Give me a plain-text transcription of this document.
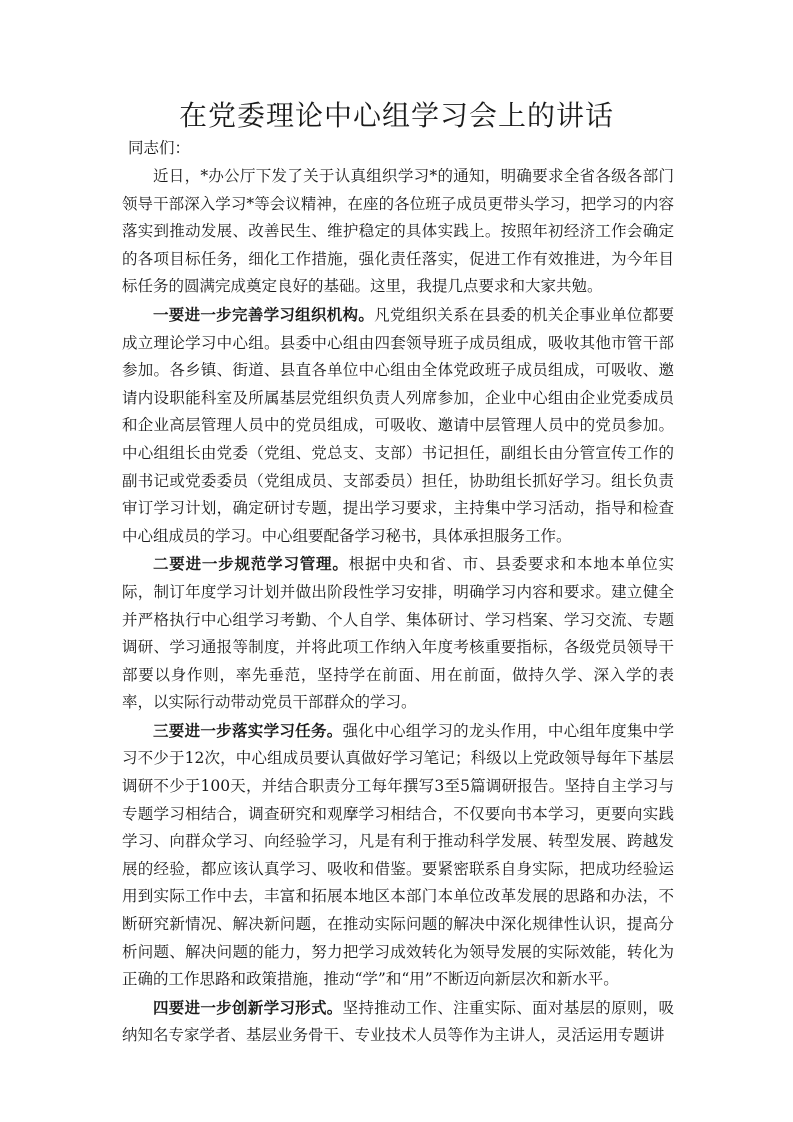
在党委理论中心组学习会上的讲话

同志们：

近日，*办公厅下发了关于认真组织学习*的通知，明确要求全省各级各部门领导干部深入学习*等会议精神，在座的各位班子成员更带头学习，把学习的内容落实到推动发展、改善民生、维护稳定的具体实践上。按照年初经济工作会确定的各项目标任务，细化工作措施，强化责任落实，促进工作有效推进，为今年目标任务的圆满完成奠定良好的基础。这里，我提几点要求和大家共勉。

一要进一步完善学习组织机构。凡党组织关系在县委的机关企事业单位都要成立理论学习中心组。县委中心组由四套领导班子成员组成，吸收其他市管干部参加。各乡镇、街道、县直各单位中心组由全体党政班子成员组成，可吸收、邀请内设职能科室及所属基层党组织负责人列席参加，企业中心组由企业党委成员和企业高层管理人员中的党员组成，可吸收、邀请中层管理人员中的党员参加。中心组组长由党委（党组、党总支、支部）书记担任，副组长由分管宣传工作的副书记或党委委员（党组成员、支部委员）担任，协助组长抓好学习。组长负责审订学习计划，确定研讨专题，提出学习要求，主持集中学习活动，指导和检查中心组成员的学习。中心组要配备学习秘书，具体承担服务工作。

二要进一步规范学习管理。根据中央和省、市、县委要求和本地本单位实际，制订年度学习计划并做出阶段性学习安排，明确学习内容和要求。建立健全并严格执行中心组学习考勤、个人自学、集体研讨、学习档案、学习交流、专题调研、学习通报等制度，并将此项工作纳入年度考核重要指标，各级党员领导干部要以身作则，率先垂范，坚持学在前面、用在前面，做持久学、深入学的表率，以实际行动带动党员干部群众的学习。

三要进一步落实学习任务。强化中心组学习的龙头作用，中心组年度集中学习不少于12次，中心组成员要认真做好学习笔记；科级以上党政领导每年下基层调研不少于100天，并结合职责分工每年撰写3至5篇调研报告。坚持自主学习与专题学习相结合，调查研究和观摩学习相结合，不仅要向书本学习，更要向实践学习、向群众学习、向经验学习，凡是有利于推动科学发展、转型发展、跨越发展的经验，都应该认真学习、吸收和借鉴。要紧密联系自身实际，把成功经验运用到实际工作中去，丰富和拓展本地区本部门本单位改革发展的思路和办法，不断研究新情况、解决新问题，在推动实际问题的解决中深化规律性认识，提高分析问题、解决问题的能力，努力把学习成效转化为领导发展的实际效能，转化为正确的工作思路和政策措施，推动“学”和“用”不断迈向新层次和新水平。

四要进一步创新学习形式。坚持推动工作、注重实际、面对基层的原则，吸纳知名专家学者、基层业务骨干、专业技术人员等作为主讲人，灵活运用专题讲
